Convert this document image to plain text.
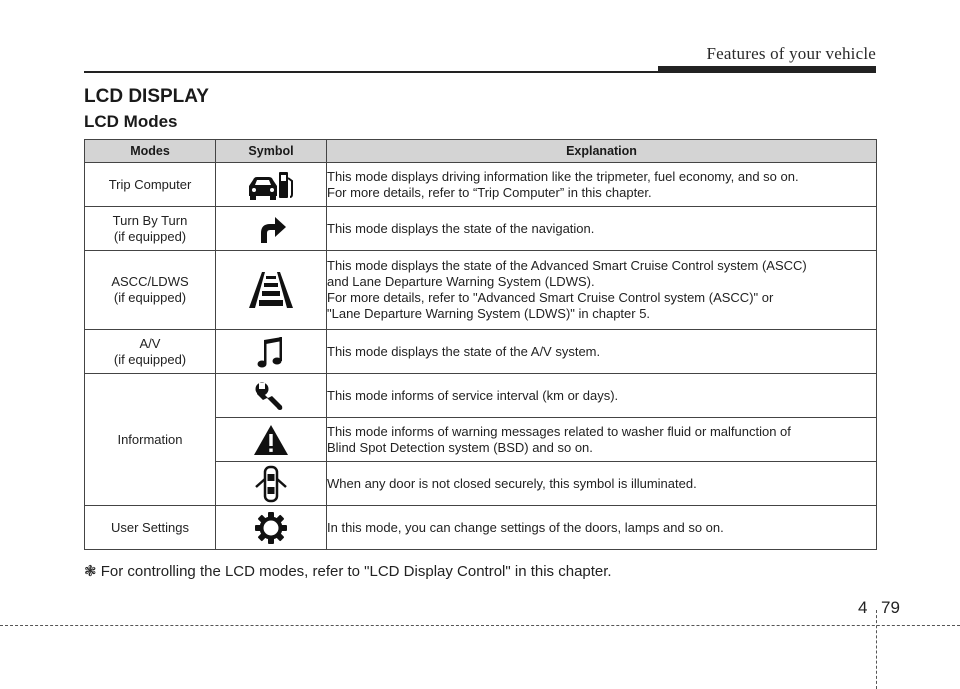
Features of your vehicle
LCD DISPLAY
LCD Modes
Modes	Symbol	Explanation

Trip Computer		This mode displays driving information like the tripmeter, fuel economy, and so on.
For more details, refer to “Trip Computer” in this chapter.

Turn By Turn
(if equipped)		This mode displays the state of the navigation.

ASCC/LDWS
(if equipped)		This mode displays the state of the Advanced Smart Cruise Control system (ASCC)
and Lane Departure Warning System (LDWS).
For more details, refer to "Advanced Smart Cruise Control system (ASCC)" or
"Lane Departure Warning System (LDWS)" in chapter 5.

A/V
(if equipped)		This mode displays the state of the A/V system.

Information		This mode informs of service interval (km or days).

This mode informs of warning messages related to washer fluid or malfunction of
Blind Spot Detection system (BSD) and so on.

When any door is not closed securely, this symbol is illuminated.

User Settings		In this mode, you can change settings of the doors, lamps and so on.

❃ For controlling the LCD modes, refer to "LCD Display Control" in this chapter.

4 79
